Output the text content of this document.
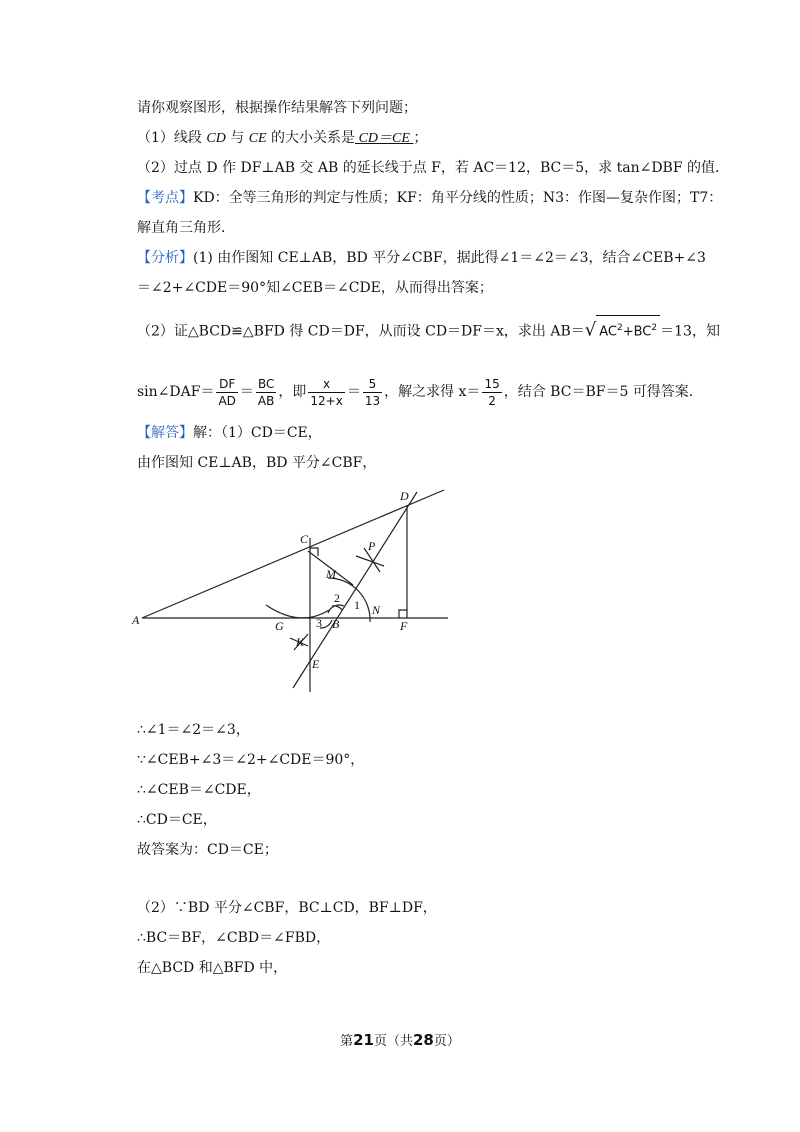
请你观察图形，根据操作结果解答下列问题；
（1）线段 CD 与 CE 的大小关系是 CD＝CE ；
（2）过点 D 作 DF⊥AB 交 AB 的延长线于点 F，若 AC＝12，BC＝5，求 tan∠DBF 的值．
【考点】KD：全等三角形的判定与性质；KF：角平分线的性质；N3：作图—复杂作图；T7：
解直角三角形．
【分析】(1) 由作图知 CE⊥AB，BD 平分∠CBF，据此得∠1＝∠2＝∠3，结合∠CEB+∠3
＝∠2+∠CDE＝90°知∠CEB＝∠CDE，从而得出答案；
（2）证△BCD≌△BFD 得 CD＝DF，从而设 CD＝DF＝x，求出 AB＝√ $AC^2+BC^2 =13$，知
sin∠DAF＝ $\frac{DF}{AD} = \frac{BC}{AB}$ ，即 $\frac{x}{12+x} = \frac{5}{13}$ ，解之求得 $x= \frac{15}{2}$ ，结合 BC＝BF＝5 可得答案．
【解答】解：（1）CD＝CE，
由作图知 CE⊥AB，BD 平分∠CBF，
A	B
C
D
E
F
G
K
M
N
P
1
2
3
∴∠1＝∠2＝∠3，
∵∠CEB+∠3＝∠2+∠CDE＝90°，
∴∠CEB＝∠CDE，
∴CD＝CE，
故答案为：CD＝CE；
（2）∵BD 平分∠CBF，BC⊥CD，BF⊥DF，
∴BC＝BF，∠CBD＝∠FBD，
在△BCD 和△BFD 中，
第21页（共28页）
